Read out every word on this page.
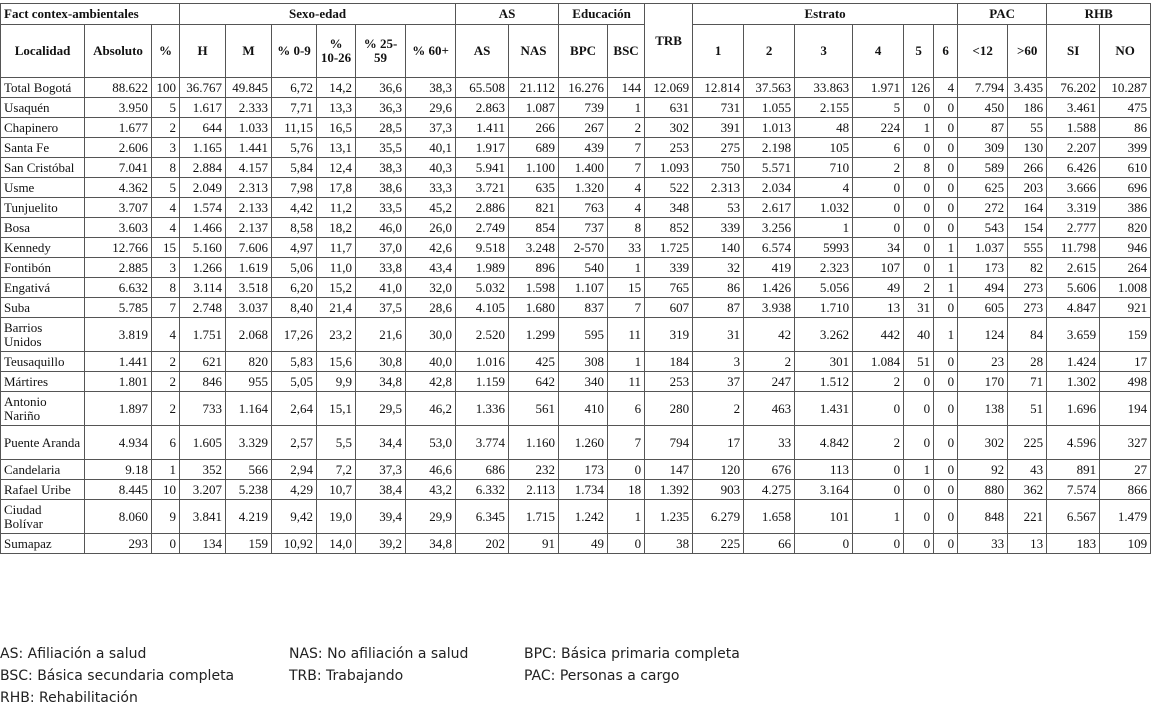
Fact contex-ambientales			Sexo-edad						AS		Educación		TRB	Estrato						PAC		RHB	
Localidad	Absoluto	%	H	M	% 0-9	% 10-26	% 25-59	% 60+	AS	NAS	BPC	BSC		1	2	3	4	5	6	<12	>60	SI	NO
Total Bogotá	88.622	100	36.767	49.845	6,72	14,2	36,6	38,3	65.508	21.112	16.276	144	12.069	12.814	37.563	33.863	1.971	126	4	7.794	3.435	76.202	10.287
Usaquén	3.950	5	1.617	2.333	7,71	13,3	36,3	29,6	2.863	1.087	739	1	631	731	1.055	2.155	5	0	0	450	186	3.461	475
Chapinero	1.677	2	644	1.033	11,15	16,5	28,5	37,3	1.411	266	267	2	302	391	1.013	48	224	1	0	87	55	1.588	86
Santa Fe	2.606	3	1.165	1.441	5,76	13,1	35,5	40,1	1.917	689	439	7	253	275	2.198	105	6	0	0	309	130	2.207	399
San Cristóbal	7.041	8	2.884	4.157	5,84	12,4	38,3	40,3	5.941	1.100	1.400	7	1.093	750	5.571	710	2	8	0	589	266	6.426	610
Usme	4.362	5	2.049	2.313	7,98	17,8	38,6	33,3	3.721	635	1.320	4	522	2.313	2.034	4	0	0	0	625	203	3.666	696
Tunjuelito	3.707	4	1.574	2.133	4,42	11,2	33,5	45,2	2.886	821	763	4	348	53	2.617	1.032	0	0	0	272	164	3.319	386
Bosa	3.603	4	1.466	2.137	8,58	18,2	46,0	26,0	2.749	854	737	8	852	339	3.256	1	0	0	0	543	154	2.777	820
Kennedy	12.766	15	5.160	7.606	4,97	11,7	37,0	42,6	9.518	3.248	2-570	33	1.725	140	6.574	5993	34	0	1	1.037	555	11.798	946
Fontibón	2.885	3	1.266	1.619	5,06	11,0	33,8	43,4	1.989	896	540	1	339	32	419	2.323	107	0	1	173	82	2.615	264
Engativá	6.632	8	3.114	3.518	6,20	15,2	41,0	32,0	5.032	1.598	1.107	15	765	86	1.426	5.056	49	2	1	494	273	5.606	1.008
Suba	5.785	7	2.748	3.037	8,40	21,4	37,5	28,6	4.105	1.680	837	7	607	87	3.938	1.710	13	31	0	605	273	4.847	921
Barrios Unidos	3.819	4	1.751	2.068	17,26	23,2	21,6	30,0	2.520	1.299	595	11	319	31	42	3.262	442	40	1	124	84	3.659	159
Teusaquillo	1.441	2	621	820	5,83	15,6	30,8	40,0	1.016	425	308	1	184	3	2	301	1.084	51	0	23	28	1.424	17
Mártires	1.801	2	846	955	5,05	9,9	34,8	42,8	1.159	642	340	11	253	37	247	1.512	2	0	0	170	71	1.302	498
Antonio Nariño	1.897	2	733	1.164	2,64	15,1	29,5	46,2	1.336	561	410	6	280	2	463	1.431	0	0	0	138	51	1.696	194
Puente Aranda	4.934	6	1.605	3.329	2,57	5,5	34,4	53,0	3.774	1.160	1.260	7	794	17	33	4.842	2	0	0	302	225	4.596	327
Candelaria	9.18	1	352	566	2,94	7,2	37,3	46,6	686	232	173	0	147	120	676	113	0	1	0	92	43	891	27
Rafael Uribe	8.445	10	3.207	5.238	4,29	10,7	38,4	43,2	6.332	2.113	1.734	18	1.392	903	4.275	3.164	0	0	0	880	362	7.574	866
Ciudad Bolívar	8.060	9	3.841	4.219	9,42	19,0	39,4	29,9	6.345	1.715	1.242	1	1.235	6.279	1.658	101	1	0	0	848	221	6.567	1.479
Sumapaz	293	0	134	159	10,92	14,0	39,2	34,8	202	91	49	0	38	225	66	0	0	0	0	33	13	183	109
AS: Afiliación a salud	NAS: No afiliación a salud	BPC: Básica primaria completa
BSC: Básica secundaria completa	TRB: Trabajando	PAC: Personas a cargo
RHB: Rehabilitación
